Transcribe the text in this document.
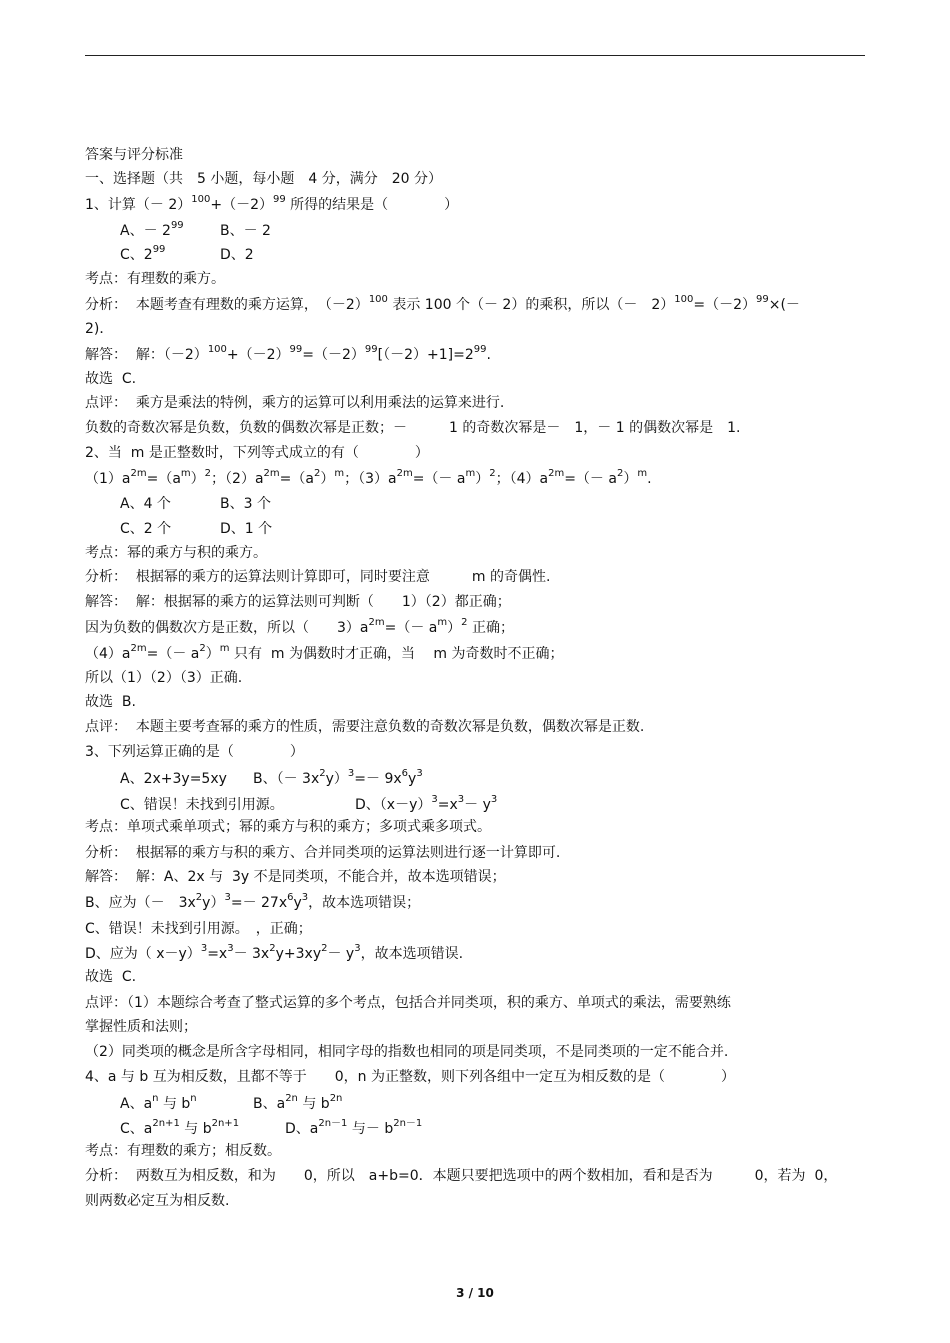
答案与评分标准
一、选择题（共　5 小题，每小题　4 分，满分　20 分）
1、计算（－ $2)^{100}+(-2)^{99}$ 所得的结果是（　　　　）
A、－ $2^{99}$	B、－ 2
C、$2^{99}$	D、2
考点：有理数的乘方。
分析：  本题考查有理数的乘方运算，　$(-2)^{100}$ 表示 100 个（－ 2）的乘积，所以（－　$2)^{100}=(-2)^{99}\times(-$
2)．
解答：  解：$(-2)^{100}+(-2)^{99}=(-2)^{99}[(-2)+1]=2^{99}$.
故选  C.
点评：  乘方是乘法的特例，乘方的运算可以利用乘法的运算来进行.
负数的奇数次幂是负数，负数的偶数次幂是正数；－　　　1 的奇数次幂是－　1，－ 1 的偶数次幂是　1.
2、当  m 是正整数时，下列等式成立的有（　　　　）
$(1)a^{2m}=(a^m)^2$；$(2)a^{2m}=(a^2)^m$；$(3)a^{2m}=(- a^m)^2$；$(4)a^{2m}=(- a^2)^m$.
A、4 个	B、3 个
C、2 个	D、1 个
考点：幂的乘方与积的乘方。
分析：  根据幂的乘方的运算法则计算即可，同时要注意　　　m 的奇偶性.
解答：  解：根据幂的乘方的运算法则可判断（　　1）（2）都正确；
因为负数的偶数次方是正数，所以（　　$3)a^{2m}=(- a^m)^2$ 正确；
$(4)a^{2m}=(- a^2)^m$ 只有  m 为偶数时才正确，当　 m 为奇数时不正确；
所以（1）（2）（3）正确.
故选  B.
点评：  本题主要考查幂的乘方的性质，需要注意负数的奇数次幂是负数，偶数次幂是正数.
3、下列运算正确的是（　　　　）
A、2x+3y=5xy B、（－ $3x^2y)^3=- 9x^6y^3$
C、错误！未找到引用源。	D、$(x-y)^3=x^3- y^3$
考点：单项式乘单项式；幂的乘方与积的乘方；多项式乘多项式。
分析：  根据幂的乘方与积的乘方、合并同类项的运算法则进行逐一计算即可.
解答：  解：A、2x 与  3y 不是同类项，不能合并，故本选项错误；
B、应为（－　$3x^2y)^3=- 27x^6y^3$，故本选项错误；
C、错误！未找到引用源。　，正确；
D、应为（ $x-y)^3=x^3- 3x^2y+3xy^2- y^3$，故本选项错误.
故选  C.
点评：（1）本题综合考查了整式运算的多个考点，包括合并同类项，积的乘方、单项式的乘法，需要熟练
掌握性质和法则；
（2）同类项的概念是所含字母相同，相同字母的指数也相同的项是同类项，不是同类项的一定不能合并.
4、a 与 b 互为相反数，且都不等于　　0，n 为正整数，则下列各组中一定互为相反数的是（　　　　）
A、$a^n$ 与 $b^n$	B、$a^{2n}$ 与 $b^{2n}$
C、$a^{2n+1}$ 与 $b^{2n+1}$	D、$a^{2n-1}$ 与－ $b^{2n-1}$
考点：有理数的乘方；相反数。
分析：  两数互为相反数，和为　　0，所以　a+b=0．本题只要把选项中的两个数相加，看和是否为　　　0，若为  0，
则两数必定互为相反数.
3 / 10
